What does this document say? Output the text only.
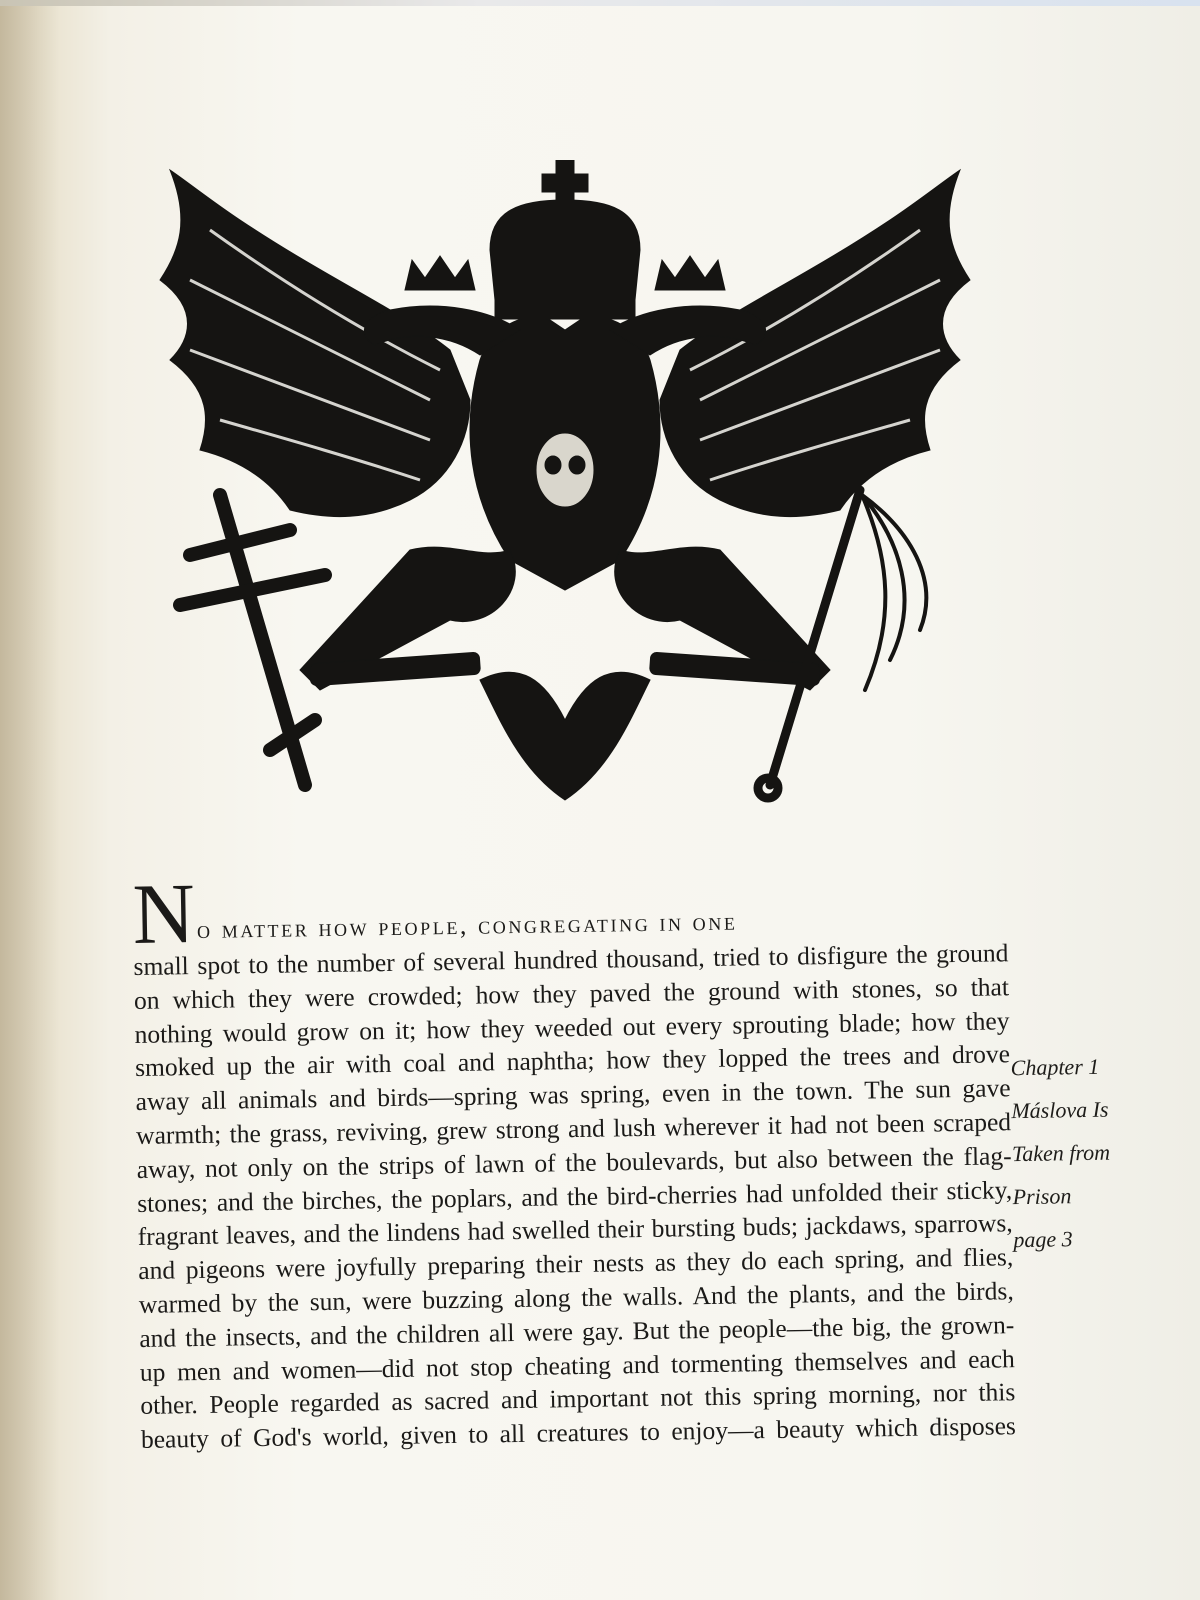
N o matter how people, congregating in one
small spot to the number of several hundred thousand, tried to disfigure the ground
on which they were crowded; how they paved the ground with stones, so that
nothing would grow on it; how they weeded out every sprouting blade; how they
smoked up the air with coal and naphtha; how they lopped the trees and drove
away all animals and birds—spring was spring, even in the town. The sun gave
warmth; the grass, reviving, grew strong and lush wherever it had not been scraped
away, not only on the strips of lawn of the boulevards, but also between the flag-
stones; and the birches, the poplars, and the bird-cherries had unfolded their sticky,
fragrant leaves, and the lindens had swelled their bursting buds; jackdaws, sparrows,
and pigeons were joyfully preparing their nests as they do each spring, and flies,
warmed by the sun, were buzzing along the walls. And the plants, and the birds,
and the insects, and the children all were gay. But the people—the big, the grown-
up men and women—did not stop cheating and tormenting themselves and each
other. People regarded as sacred and important not this spring morning, nor this
beauty of God's world, given to all creatures to enjoy—a beauty which disposes
Chapter 1
Máslova Is
Taken from
Prison
page 3
